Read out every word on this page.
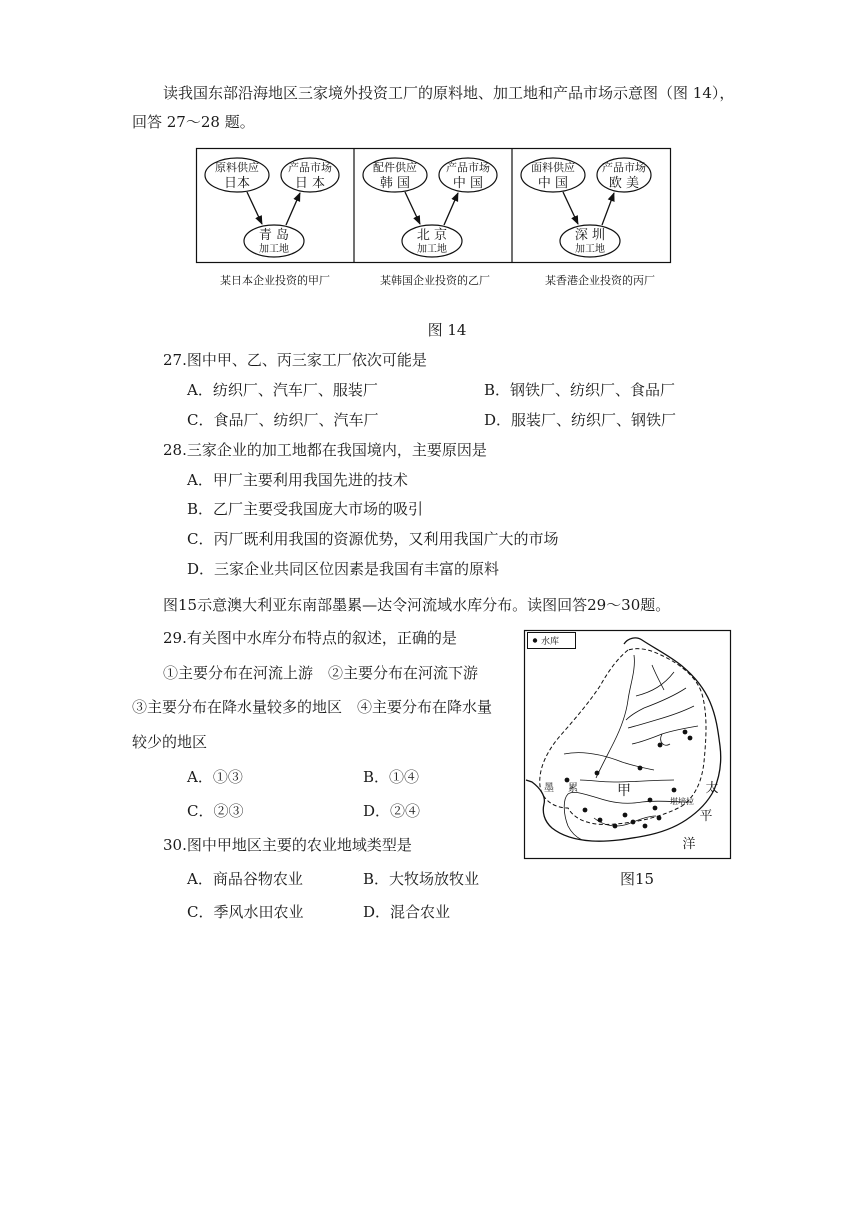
读我国东部沿海地区三家境外投资工厂的原料地、加工地和产品市场示意图（图 14），
回答 27～28 题。
原料供应
日本
产品市场
日 本
青 岛
加工地
配件供应
韩 国
产品市场
中 国
北 京
加工地
面料供应
中 国
产品市场
欧 美
深 圳
加工地
某日本企业投资的甲厂	某韩国企业投资的乙厂	某香港企业投资的丙厂
图 14
27.图中甲、乙、丙三家工厂依次可能是
A．纺织厂、汽车厂、服装厂	B．钢铁厂、纺织厂、食品厂
C．食品厂、纺织厂、汽车厂	D．服装厂、纺织厂、钢铁厂
28.三家企业的加工地都在我国境内，主要原因是
A．甲厂主要利用我国先进的技术
B．乙厂主要受我国庞大市场的吸引
C．丙厂既利用我国的资源优势，又利用我国广大的市场
D．三家企业共同区位因素是我国有丰富的原料
图15示意澳大利亚东南部墨累—达令河流域水库分布。读图回答29～30题。
29.有关图中水库分布特点的叙述，正确的是
①主要分布在河流上游　②主要分布在河流下游
③主要分布在降水量较多的地区　④主要分布在降水量
较少的地区
A．①③	B．①④
C．②③	D．②④
30.图中甲地区主要的农业地域类型是
A．商品谷物农业	B．大牧场放牧业
C．季风水田农业	D．混合农业
水库
太
平
洋
墨 累	甲
堪培拉
图15
